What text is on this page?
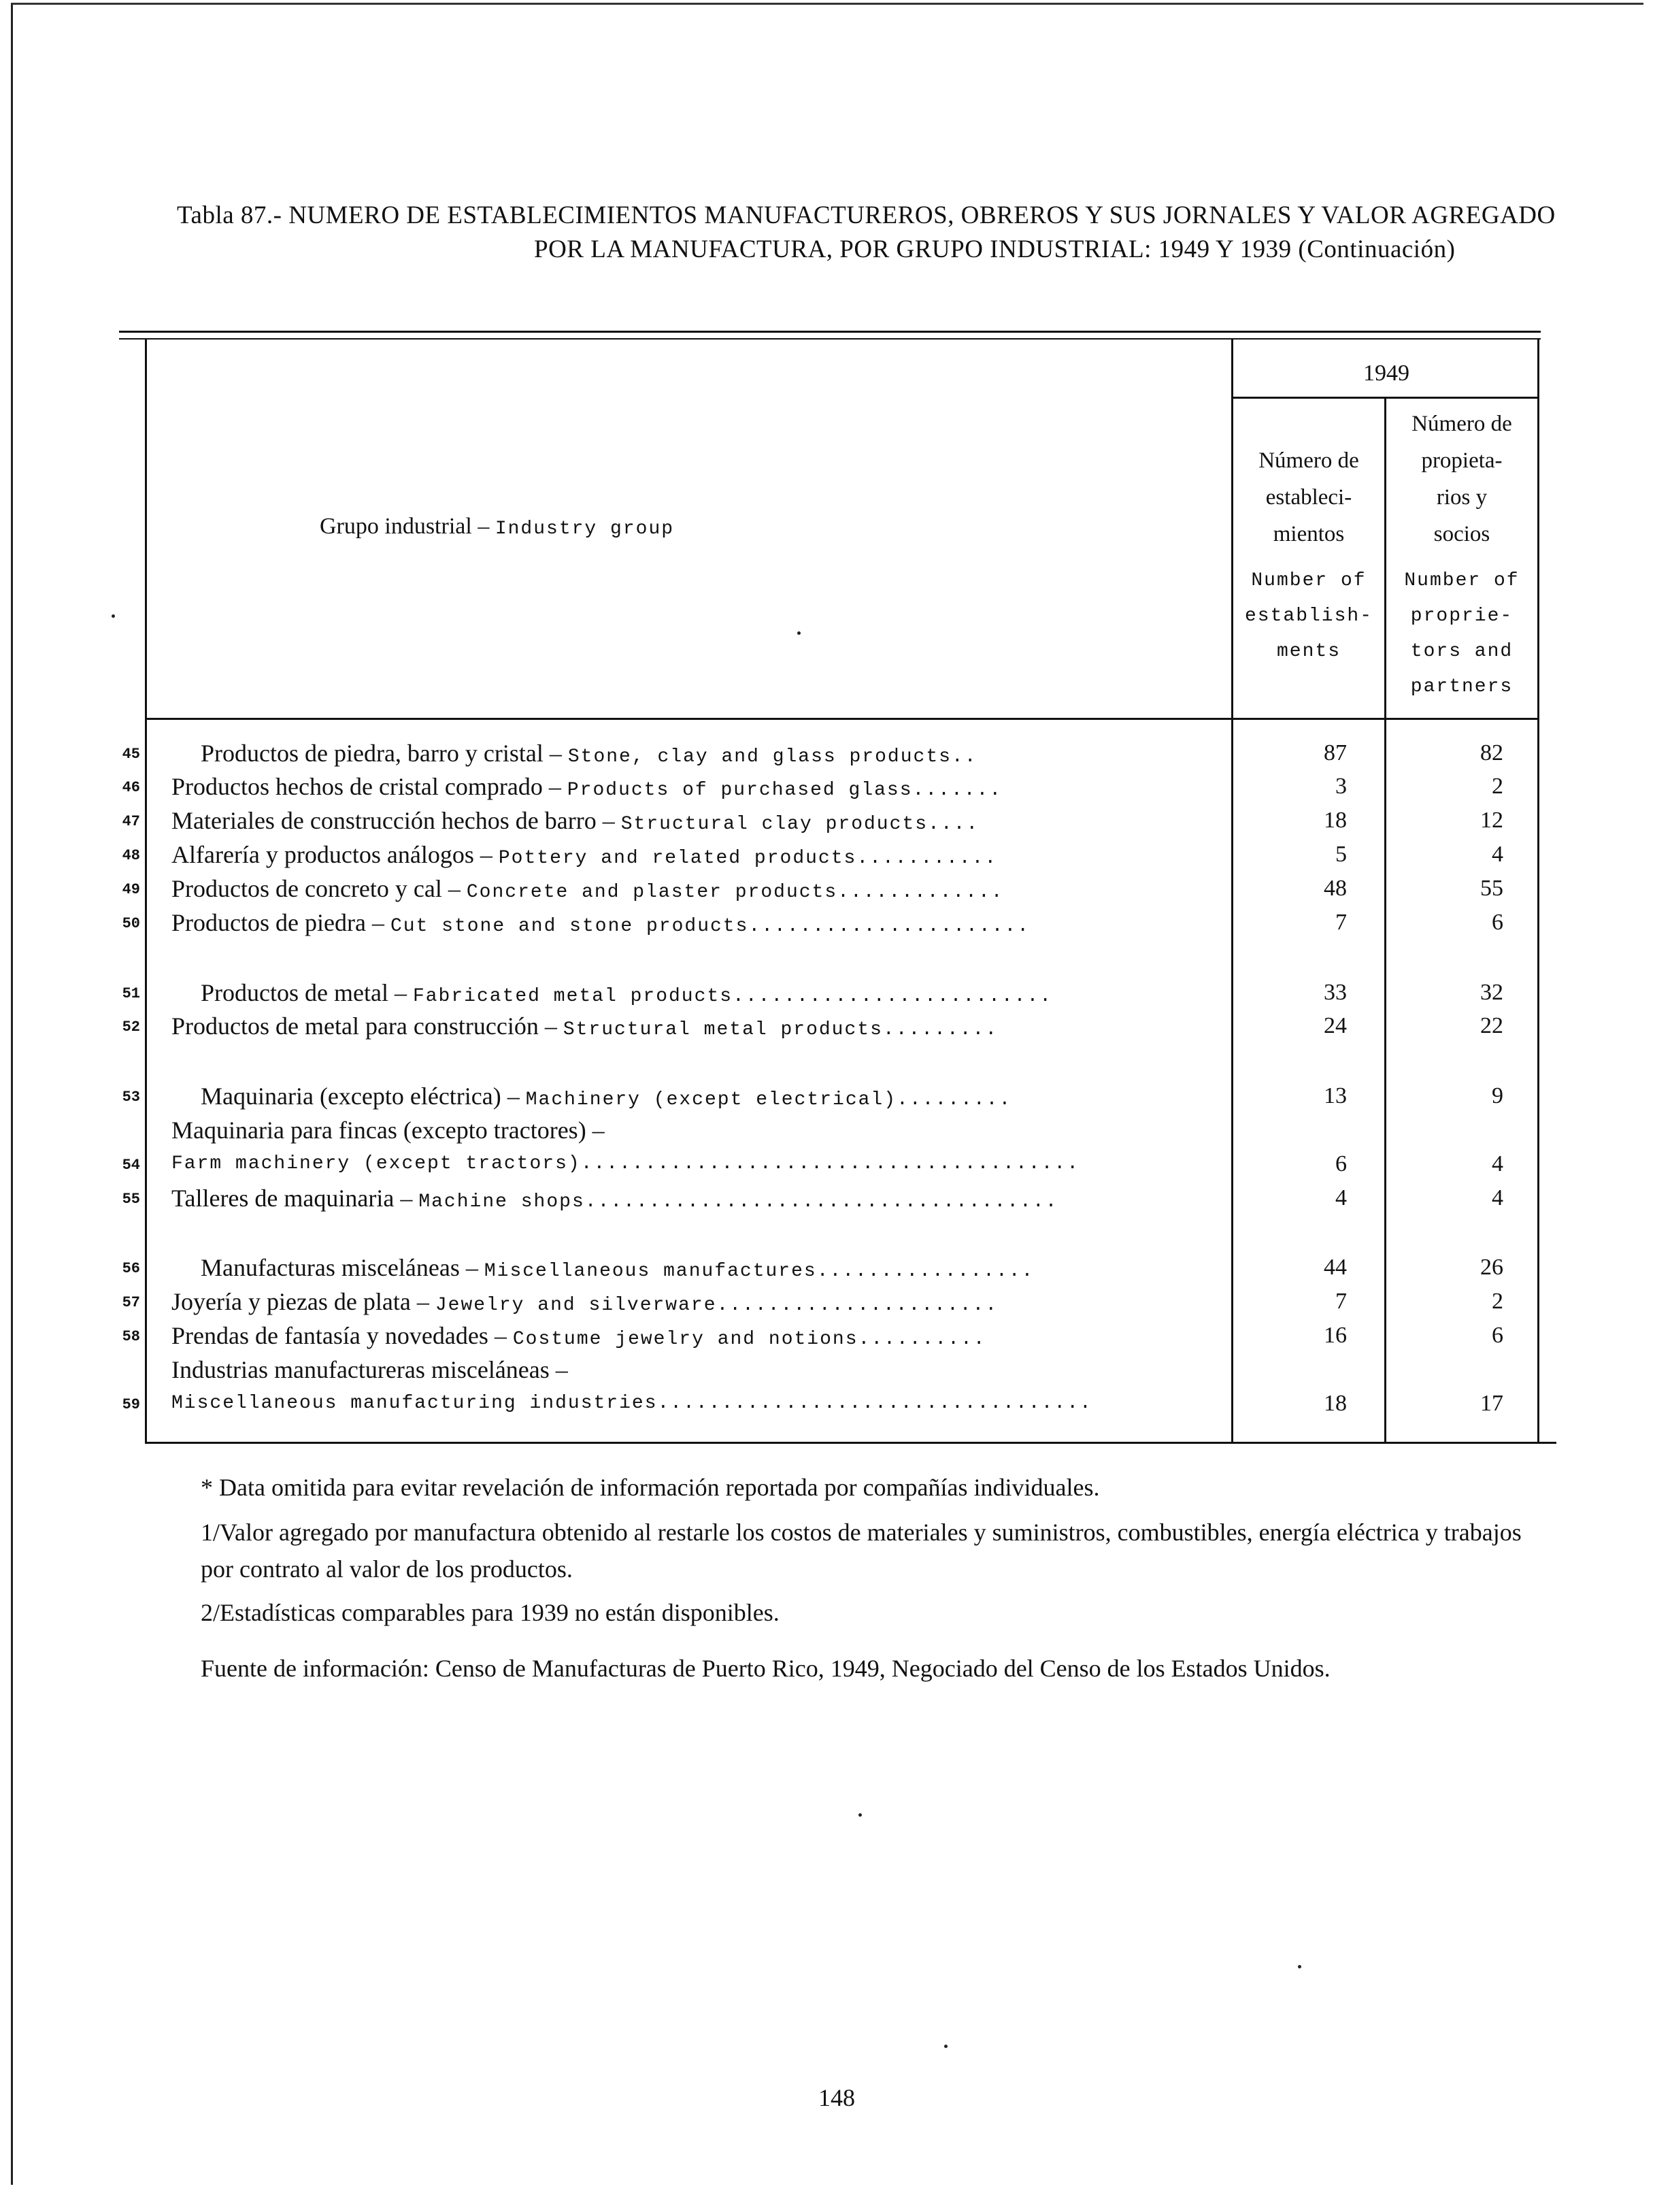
Tabla 87.- NUMERO DE ESTABLECIMIENTOS MANUFACTUREROS, OBREROS Y SUS JORNALES Y VALOR AGREGADO
POR LA MANUFACTURA, POR GRUPO INDUSTRIAL: 1949 Y 1939 (Continuación)
Grupo industrial – Industry group
1949
Número de
estableci-
mientos
Number of
establish-
ments
Número de
propieta-
rios y
socios
Number of
proprie-
tors and
partners
45 Productos de piedra, barro y cristal – Stone, clay and glass products..	87	82
46 Productos hechos de cristal comprado – Products of purchased glass.......	3	2
47 Materiales de construcción hechos de barro – Structural clay products....	18	12
48 Alfarería y productos análogos – Pottery and related products...........	5	4
49 Productos de concreto y cal – Concrete and plaster products.............	48	55
50 Productos de piedra – Cut stone and stone products......................	7	6
51 Productos de metal – Fabricated metal products.........................	33	32
52 Productos de metal para construcción – Structural metal products.........	24	22
53 Maquinaria (excepto eléctrica) – Machinery (except electrical).........	13	9
Maquinaria para fincas (excepto tractores) –
54 Farm machinery (except tractors).......................................	6	4
55 Talleres de maquinaria – Machine shops.....................................	4	4
56 Manufacturas misceláneas – Miscellaneous manufactures.................	44	26
57 Joyería y piezas de plata – Jewelry and silverware......................	7	2
58 Prendas de fantasía y novedades – Costume jewelry and notions..........	16	6
Industrias manufactureras misceláneas –
59 Miscellaneous manufacturing industries..................................	18	17
* Data omitida para evitar revelación de información reportada por compañías individuales.
1/Valor agregado por manufactura obtenido al restarle los costos de materiales y suministros, combustibles, energía eléctrica y trabajos por contrato al valor de los productos.
2/Estadísticas comparables para 1939 no están disponibles.
Fuente de información: Censo de Manufacturas de Puerto Rico, 1949, Negociado del Censo de los Estados Unidos.
148
